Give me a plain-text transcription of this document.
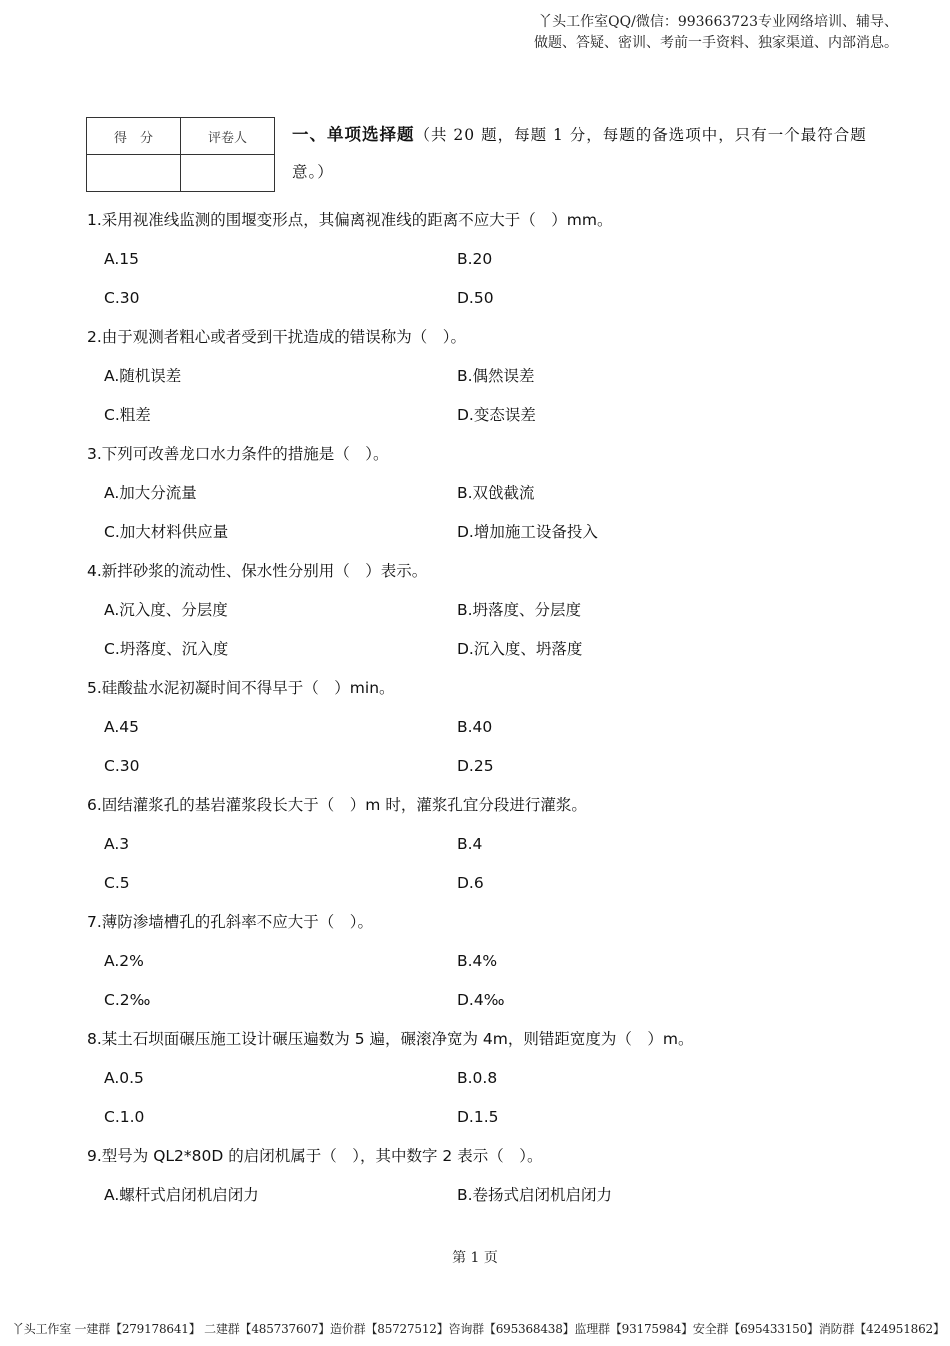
丫头工作室QQ/微信：993663723专业网络培训、辅导、
做题、答疑、密训、考前一手资料、独家渠道、内部消息。
得　分	评卷人
		一、单项选择题（共 20 题，每题 1 分，每题的备选项中，只有一个最符合题意。）
1.采用视准线监测的围堰变形点，其偏离视准线的距离不应大于（　）mm。
A.15	B.20
C.30	D.50
2.由于观测者粗心或者受到干扰造成的错误称为（　）。
A.随机误差	B.偶然误差
C.粗差	D.变态误差
3.下列可改善龙口水力条件的措施是（　）。
A.加大分流量	B.双戗截流
C.加大材料供应量	D.增加施工设备投入
4.新拌砂浆的流动性、保水性分别用（　）表示。
A.沉入度、分层度	B.坍落度、分层度
C.坍落度、沉入度	D.沉入度、坍落度
5.硅酸盐水泥初凝时间不得早于（　）min。
A.45	B.40
C.30	D.25
6.固结灌浆孔的基岩灌浆段长大于（　）m 时，灌浆孔宜分段进行灌浆。
A.3	B.4
C.5	D.6
7.薄防渗墙槽孔的孔斜率不应大于（　）。
A.2%	B.4%
C.2‰	D.4‰
8.某土石坝面碾压施工设计碾压遍数为 5 遍，碾滚净宽为 4m，则错距宽度为（　）m。
A.0.5	B.0.8
C.1.0	D.1.5
9.型号为 QL2*80D 的启闭机属于（　），其中数字 2 表示（　）。
A.螺杆式启闭机启闭力	B.卷扬式启闭机启闭力
第 1 页
丫头工作室 一建群【279178641】 二建群【485737607】造价群【85727512】咨询群【695368438】监理群【93175984】安全群【695433150】消防群【424951862】
